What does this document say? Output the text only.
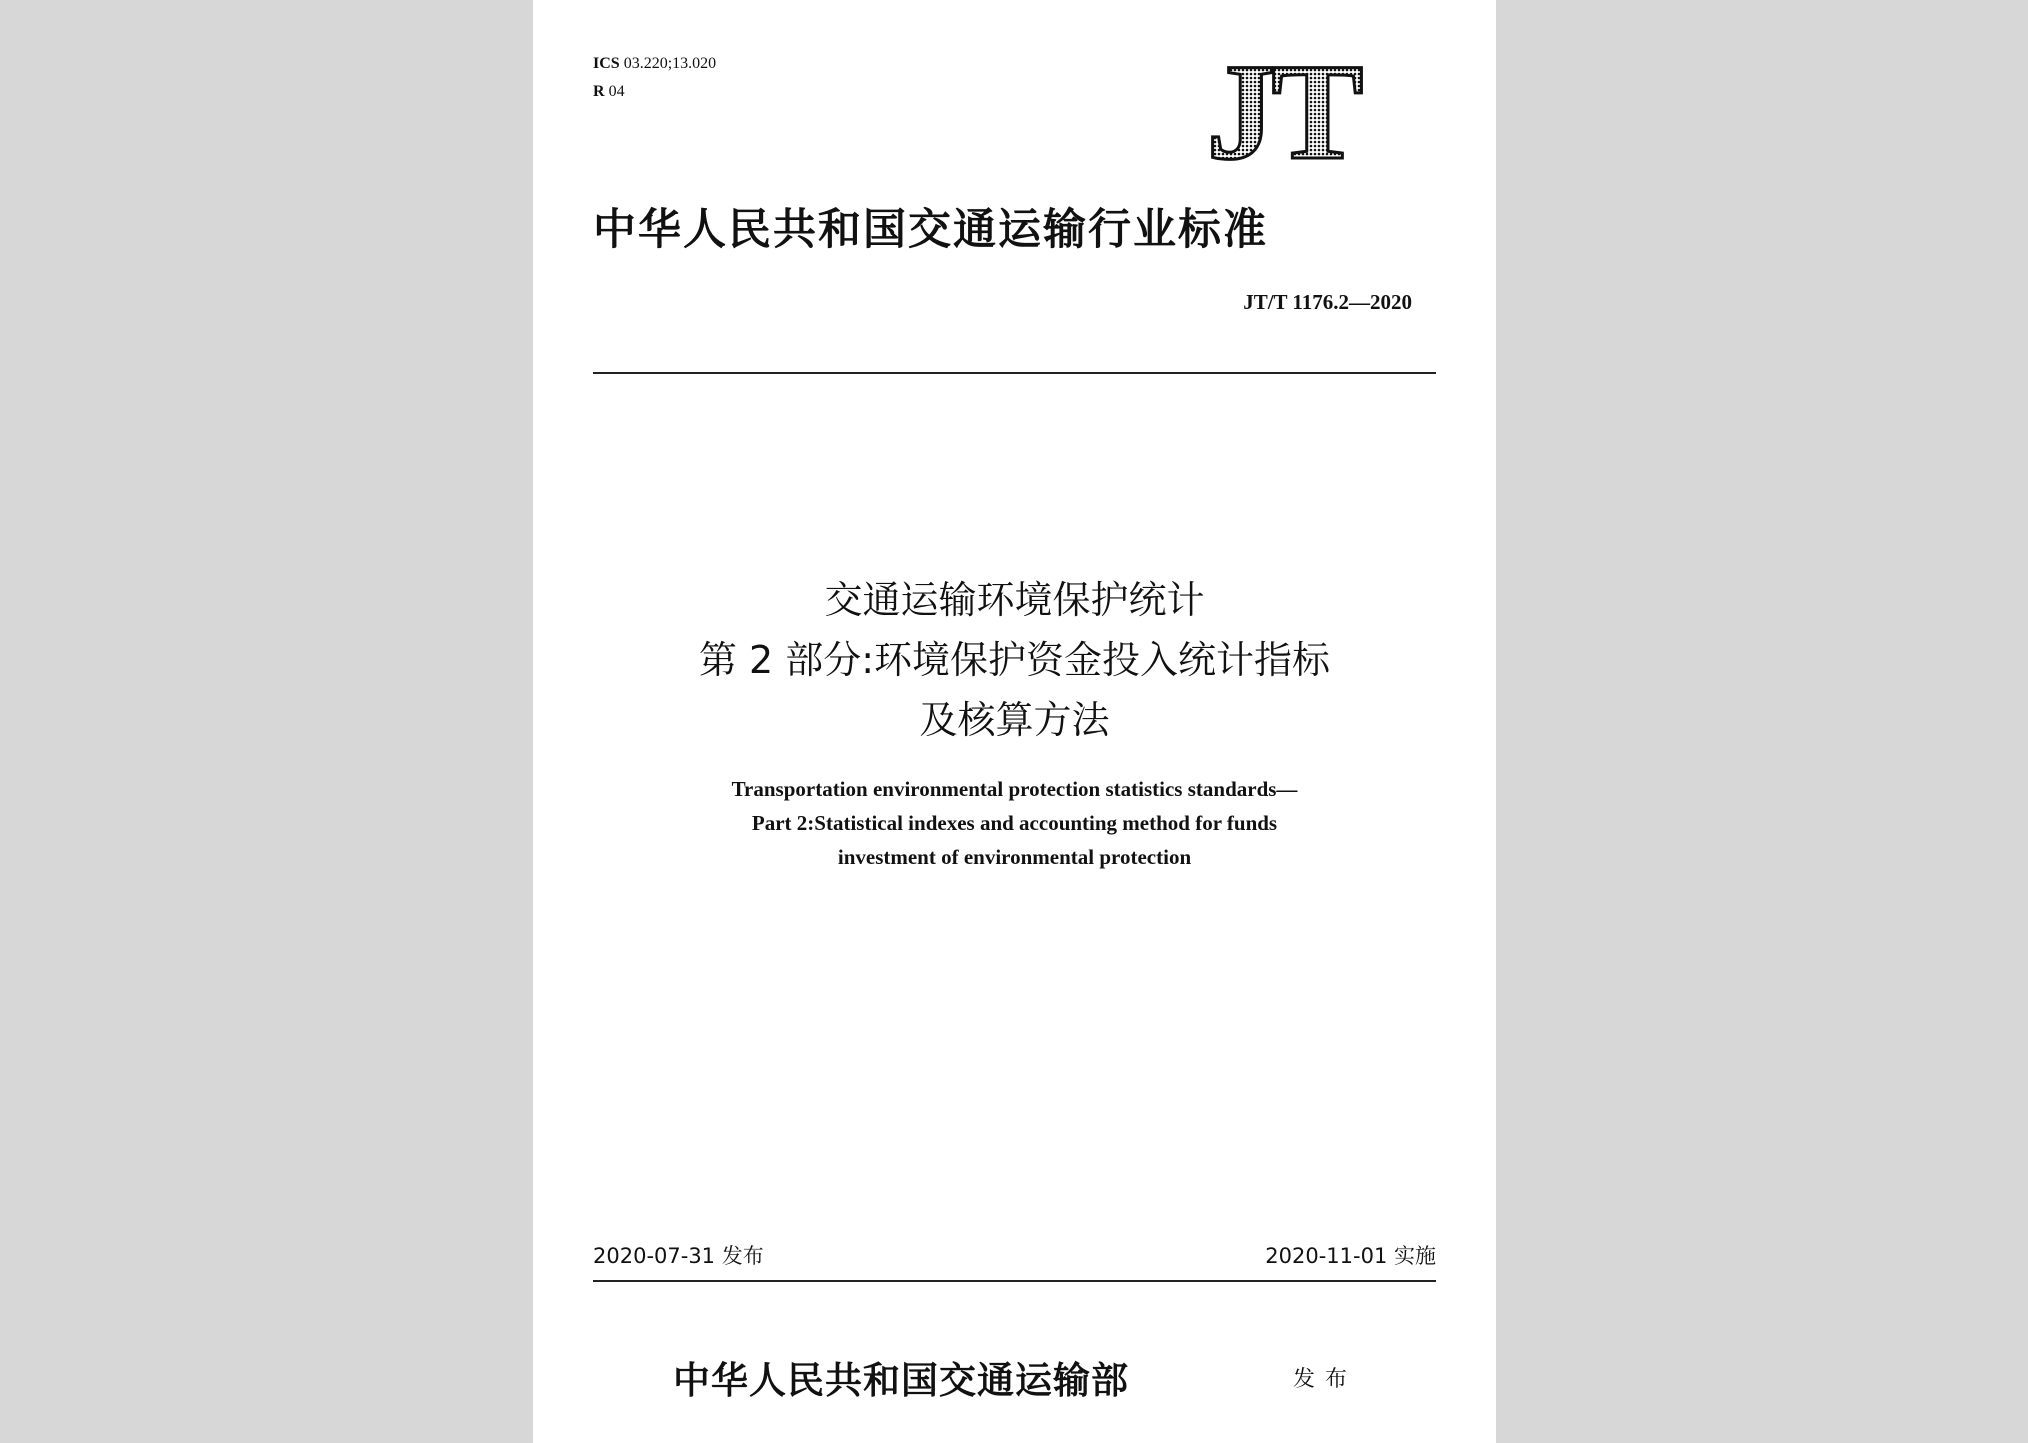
ICS 03.220;13.020
R 04	JT
中华人民共和国交通运输行业标准
JT/T 1176.2—2020
交通运输环境保护统计
第 2 部分:环境保护资金投入统计指标
及核算方法
Transportation environmental protection statistics standards—
Part 2:Statistical indexes and accounting method for funds
investment of environmental protection
2020-07-31 发布	2020-11-01 实施
中华人民共和国交通运输部	发布
